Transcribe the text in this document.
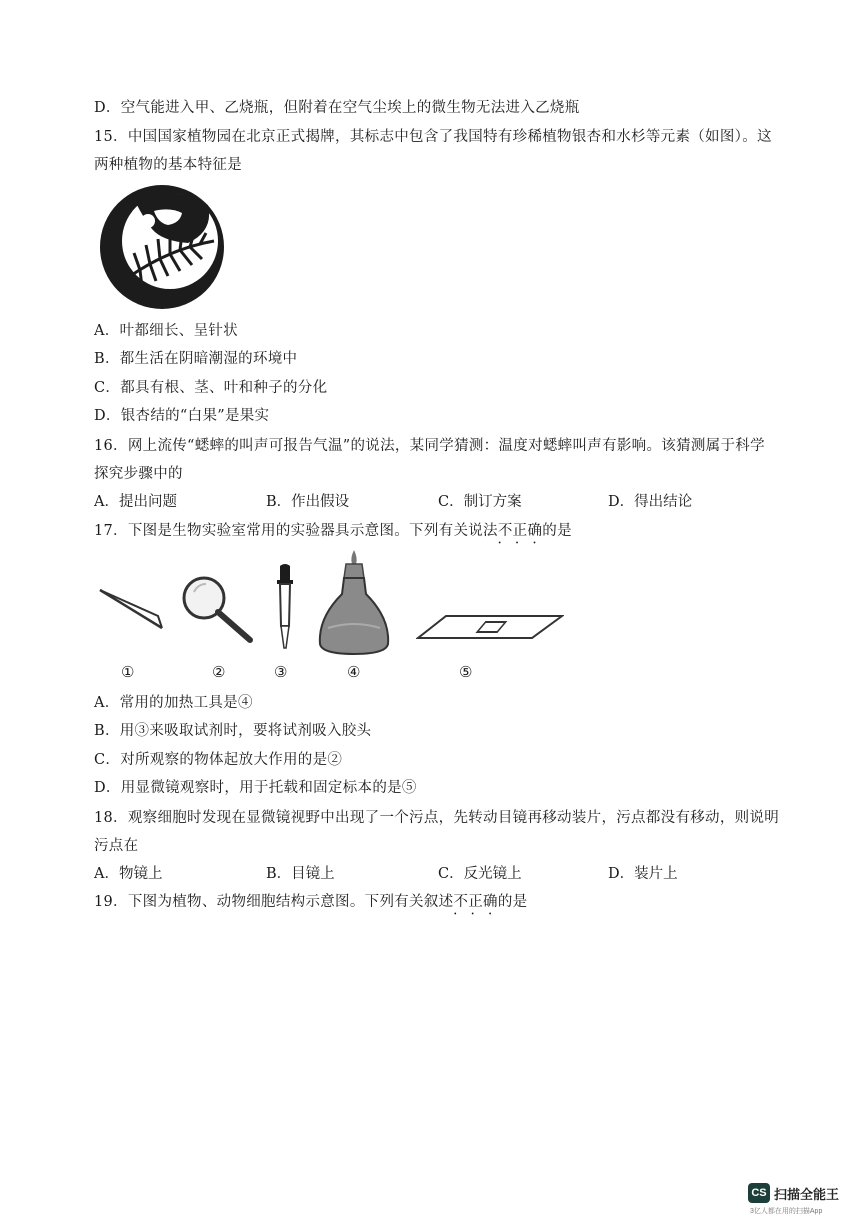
D．空气能进入甲、乙烧瓶，但附着在空气尘埃上的微生物无法进入乙烧瓶
15．中国国家植物园在北京正式揭牌，其标志中包含了我国特有珍稀植物银杏和水杉等元素（如图）。这
两种植物的基本特征是
A．叶都细长、呈针状
B．都生活在阴暗潮湿的环境中
C．都具有根、茎、叶和种子的分化
D．银杏结的“白果”是果实
16．网上流传“蟋蟀的叫声可报告气温”的说法，某同学猜测：温度对蟋蟀叫声有影响。该猜测属于科学
探究步骤中的
A．提出问题	B．作出假设	C．制订方案	D．得出结论
17．下图是生物实验室常用的实验器具示意图。下列有关说法不正确 • • •的是
①	②	③	④	⑤
A．常用的加热工具是④
B．用③来吸取试剂时，要将试剂吸入胶头
C．对所观察的物体起放大作用的是②
D．用显微镜观察时，用于托载和固定标本的是⑤
18．观察细胞时发现在显微镜视野中出现了一个污点，先转动目镜再移动装片，污点都没有移动，则说明
污点在
A．物镜上	B．目镜上	C．反光镜上	D．装片上
19．下图为植物、动物细胞结构示意图。下列有关叙述不正确 • • •的是
CS 扫描全能王
3亿人都在用的扫描App
